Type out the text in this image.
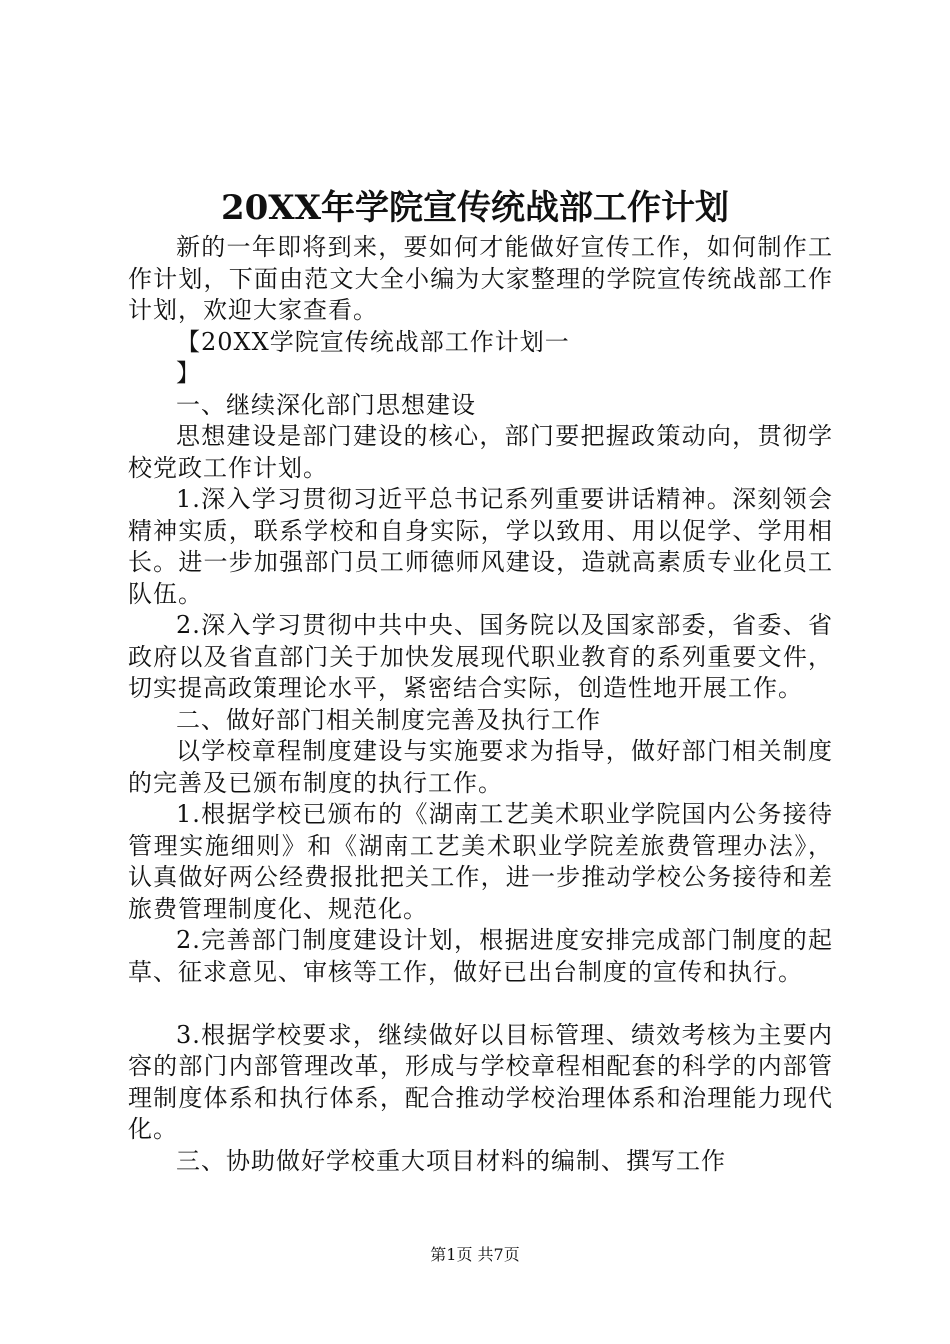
20XX年学院宣传统战部工作计划

新的一年即将到来，要如何才能做好宣传工作，如何制作工作计划，下面由范文大全小编为大家整理的学院宣传统战部工作计划，欢迎大家查看。

【20XX学院宣传统战部工作计划一

】

一、继续深化部门思想建设

思想建设是部门建设的核心，部门要把握政策动向，贯彻学校党政工作计划。

1.深入学习贯彻习近平总书记系列重要讲话精神。深刻领会精神实质，联系学校和自身实际，学以致用、用以促学、学用相长。进一步加强部门员工师德师风建设，造就高素质专业化员工队伍。

2.深入学习贯彻中共中央、国务院以及国家部委，省委、省政府以及省直部门关于加快发展现代职业教育的系列重要文件，切实提高政策理论水平，紧密结合实际，创造性地开展工作。

二、做好部门相关制度完善及执行工作

以学校章程制度建设与实施要求为指导，做好部门相关制度的完善及已颁布制度的执行工作。

1.根据学校已颁布的《湖南工艺美术职业学院国内公务接待管理实施细则》和《湖南工艺美术职业学院差旅费管理办法》，认真做好两公经费报批把关工作，进一步推动学校公务接待和差旅费管理制度化、规范化。

2.完善部门制度建设计划，根据进度安排完成部门制度的起草、征求意见、审核等工作，做好已出台制度的宣传和执行。

3.根据学校要求，继续做好以目标管理、绩效考核为主要内容的部门内部管理改革，形成与学校章程相配套的科学的内部管理制度体系和执行体系，配合推动学校治理体系和治理能力现代化。

三、协助做好学校重大项目材料的编制、撰写工作

第1页 共7页
